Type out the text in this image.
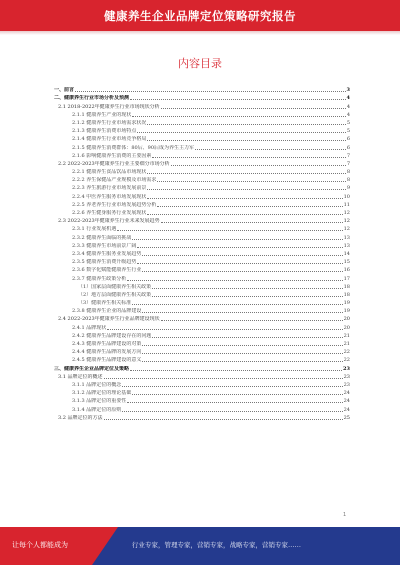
健康养生企业品牌定位策略研究报告
内容目录
一、前言	3
二、健康养生行业市场分析及预测	4
2.1 2018-2022年健康养生行业市场现状分析	4
2.1.1 健康养生产业的现状	4
2.1.2 健康养生行业市场需求状况	5
2.1.3 健康养生消费市场特点	5
2.1.4 健康养生行业市场竞争格局	6
2.1.5 健康养生消费群体：80后、90后成为养生主力军	6
2.1.6 影响健康养生消费的主要因素	7
2.2 2022-2023年健康养生行业主要细分市场分析	7
2.2.1 健康养生食品饮品市场现状	8
2.2.2 养生保健品产业规模及市场需求	8
2.2.3 养生旅游行业市场发展前景	9
2.2.4 中医养生服务市场发展现状	10
2.2.5 养老养生行业市场发展趋势分析	11
2.2.6 养生健身服务行业发展现状	12
2.3 2022-2023年健康养生行业未来发展趋势	12
2.3.1 行业发展机遇	12
2.3.2 健康养生面临的挑战	13
2.3.3 健康养生市场前景广阔	13
2.3.4 健康养生服务业发展趋势	14
2.3.5 健康养生消费升级趋势	15
2.3.6 数字化赋能健康养生行业	16
2.3.7 健康养生政策分析	17
（1）国家层面健康养生相关政策	18
（2）地方层面健康养生相关政策	18
（3）健康养生相关标准	19
2.3.8 健康养生企业的品牌建设	19
2.4 2022-2023年健康养生行业品牌建设现状	20
2.4.1 品牌现状	20
2.4.2 健康养生品牌建设存在的问题	21
2.4.3 健康养生品牌建设的对策	21
2.4.4 健康养生品牌的发展方向	22
2.4.5 健康养生品牌建设的意义	22
三、健康养生企业品牌定位及策略	23
3.1 品牌定位的概述	23
3.1.1 品牌定位的概念	23
3.1.2 品牌定位的理论基础	24
3.1.3 品牌定位的重要性	24
3.1.4 品牌定位的原则	24
3.2 品牌定位的方法	25
1
让每个人都能成为	行业专家，管理专家，营销专家，战略专家，营销专家……
